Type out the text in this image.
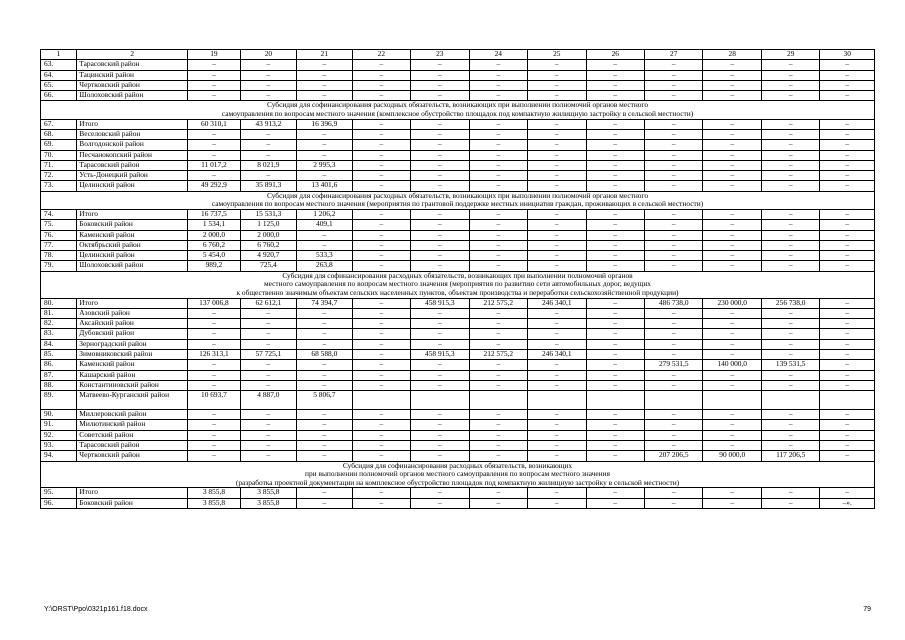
1	2	19	20	21	22	23	24	25	26	27	28	29	30
63.	Тарасовский район	–	–	–	–	–	–	–	–	–	–	–	–
64.	Тацинский район	–	–	–	–	–	–	–	–	–	–	–	–
65.	Чертковский район	–	–	–	–	–	–	–	–	–	–	–	–
66.	Шолоховский район	–	–	–	–	–	–	–	–	–	–	–	–

Субсидия для софинансирования расходных обязательств, возникающих при выполнении полномочий органов местного
самоуправления по вопросам местного значения (комплексное обустройство площадок под компактную жилищную застройку в сельской местности)													

67.	Итого	60 310,1	43 913,2	16 396,9	–	–	–	–	–	–	–	–	–
68.	Веселовский район	–	–	–	–	–	–	–	–	–	–	–	–
69.	Волгодонской район	–	–	–	–	–	–	–	–	–	–	–	–
70.	Песчанокопский район	–	–	–	–	–	–	–	–	–	–	–	–
71.	Тарасовский район	11 017,2	8 021,9	2 995,3	–	–	–	–	–	–	–	–	–
72.	Усть-Донецкий район	–	–	–	–	–	–	–	–	–	–	–	–
73.	Целинский район	49 292,9	35 891,3	13 401,6	–	–	–	–	–	–	–	–	–

Субсидия для софинансирования расходных обязательств, возникающих при выполнении полномочий органов местного
самоуправления по вопросам местного значения (мероприятия по грантовой поддержке местных инициатив граждан, проживающих в сельской местности)													

74.	Итого	16 737,5	15 531,3	1 206,2	–	–	–	–	–	–	–	–	–
75.	Боковский район	1 534,1	1 125,0	409,1	–	–	–	–	–	–	–	–	–
76.	Каменский район	2 000,0	2 000,0	–	–	–	–	–	–	–	–	–	–
77.	Октябрьский район	6 760,2	6 760,2	–	–	–	–	–	–	–	–	–	–
78.	Целинский район	5 454,0	4 920,7	533,3	–	–	–	–	–	–	–	–	–
79.	Шолоховский район	989,2	725,4	263,8	–	–	–	–	–	–	–	–	–

Субсидия для софинансирования расходных обязательств, возникающих при выполнении полномочий органов
местного самоуправления по вопросам местного значения (мероприятия по развитию сети автомобильных дорог, ведущих
к общественно значимым объектам сельских населенных пунктов, объектам производства и переработки сельскохозяйственной продукции)													

80.	Итого	137 006,8	62 612,1	74 394,7	–	458 915,3	212 575,2	246 340,1	–	486 738,0	230 000,0	256 738,0	–
81.	Азовский район	–	–	–	–	–	–	–	–	–	–	–	–
82.	Аксайский район	–	–	–	–	–	–	–	–	–	–	–	–
83.	Дубовский район	–	–	–	–	–	–	–	–	–	–	–	–
84.	Зерноградский район	–	–	–	–	–	–	–	–	–	–	–	–
85.	Зимовниковский район	126 313,1	57 725,1	68 588,0	–	458 915,3	212 575,2	246 340,1	–	–	–	–	–
86.	Каменский район	–	–	–	–	–	–	–	–	279 531,5	140 000,0	139 531,5	–
87.	Кашарский район	–	–	–	–	–	–	–	–	–	–	–	–
88.	Константиновский район	–	–	–	–	–	–	–	–	–	–	–	–
89.	Матвеево-Курганский район	10 693,7	4 887,0	5 806,7									
90.	Миллеровский район	–	–	–	–	–	–	–	–	–	–	–	–
91.	Милютинский район	–	–	–	–	–	–	–	–	–	–	–	–
92.	Советский район	–	–	–	–	–	–	–	–	–	–	–	–
93.	Тарасовский район	–	–	–	–	–	–	–	–	–	–	–	–
94.	Чертковский район	–	–	–	–	–	–	–	–	207 206,5	90 000,0	117 206,5	–

Субсидия для софинансирования расходных обязательств, возникающих
при выполнении полномочий органов местного самоуправления по вопросам местного значения
(разработка проектной документации на комплексное обустройство площадок под компактную жилищную застройку в сельской местности)													

95.	Итого	3 855,8	3 855,8	–	–	–	–	–	–	–	–	–	–
96.	Боковский район	3 855,8	3 855,8	–	–	–	–	–	–	–	–	–	–».
Y:\ORST\Ppo\0321p161.f18.docx	79
